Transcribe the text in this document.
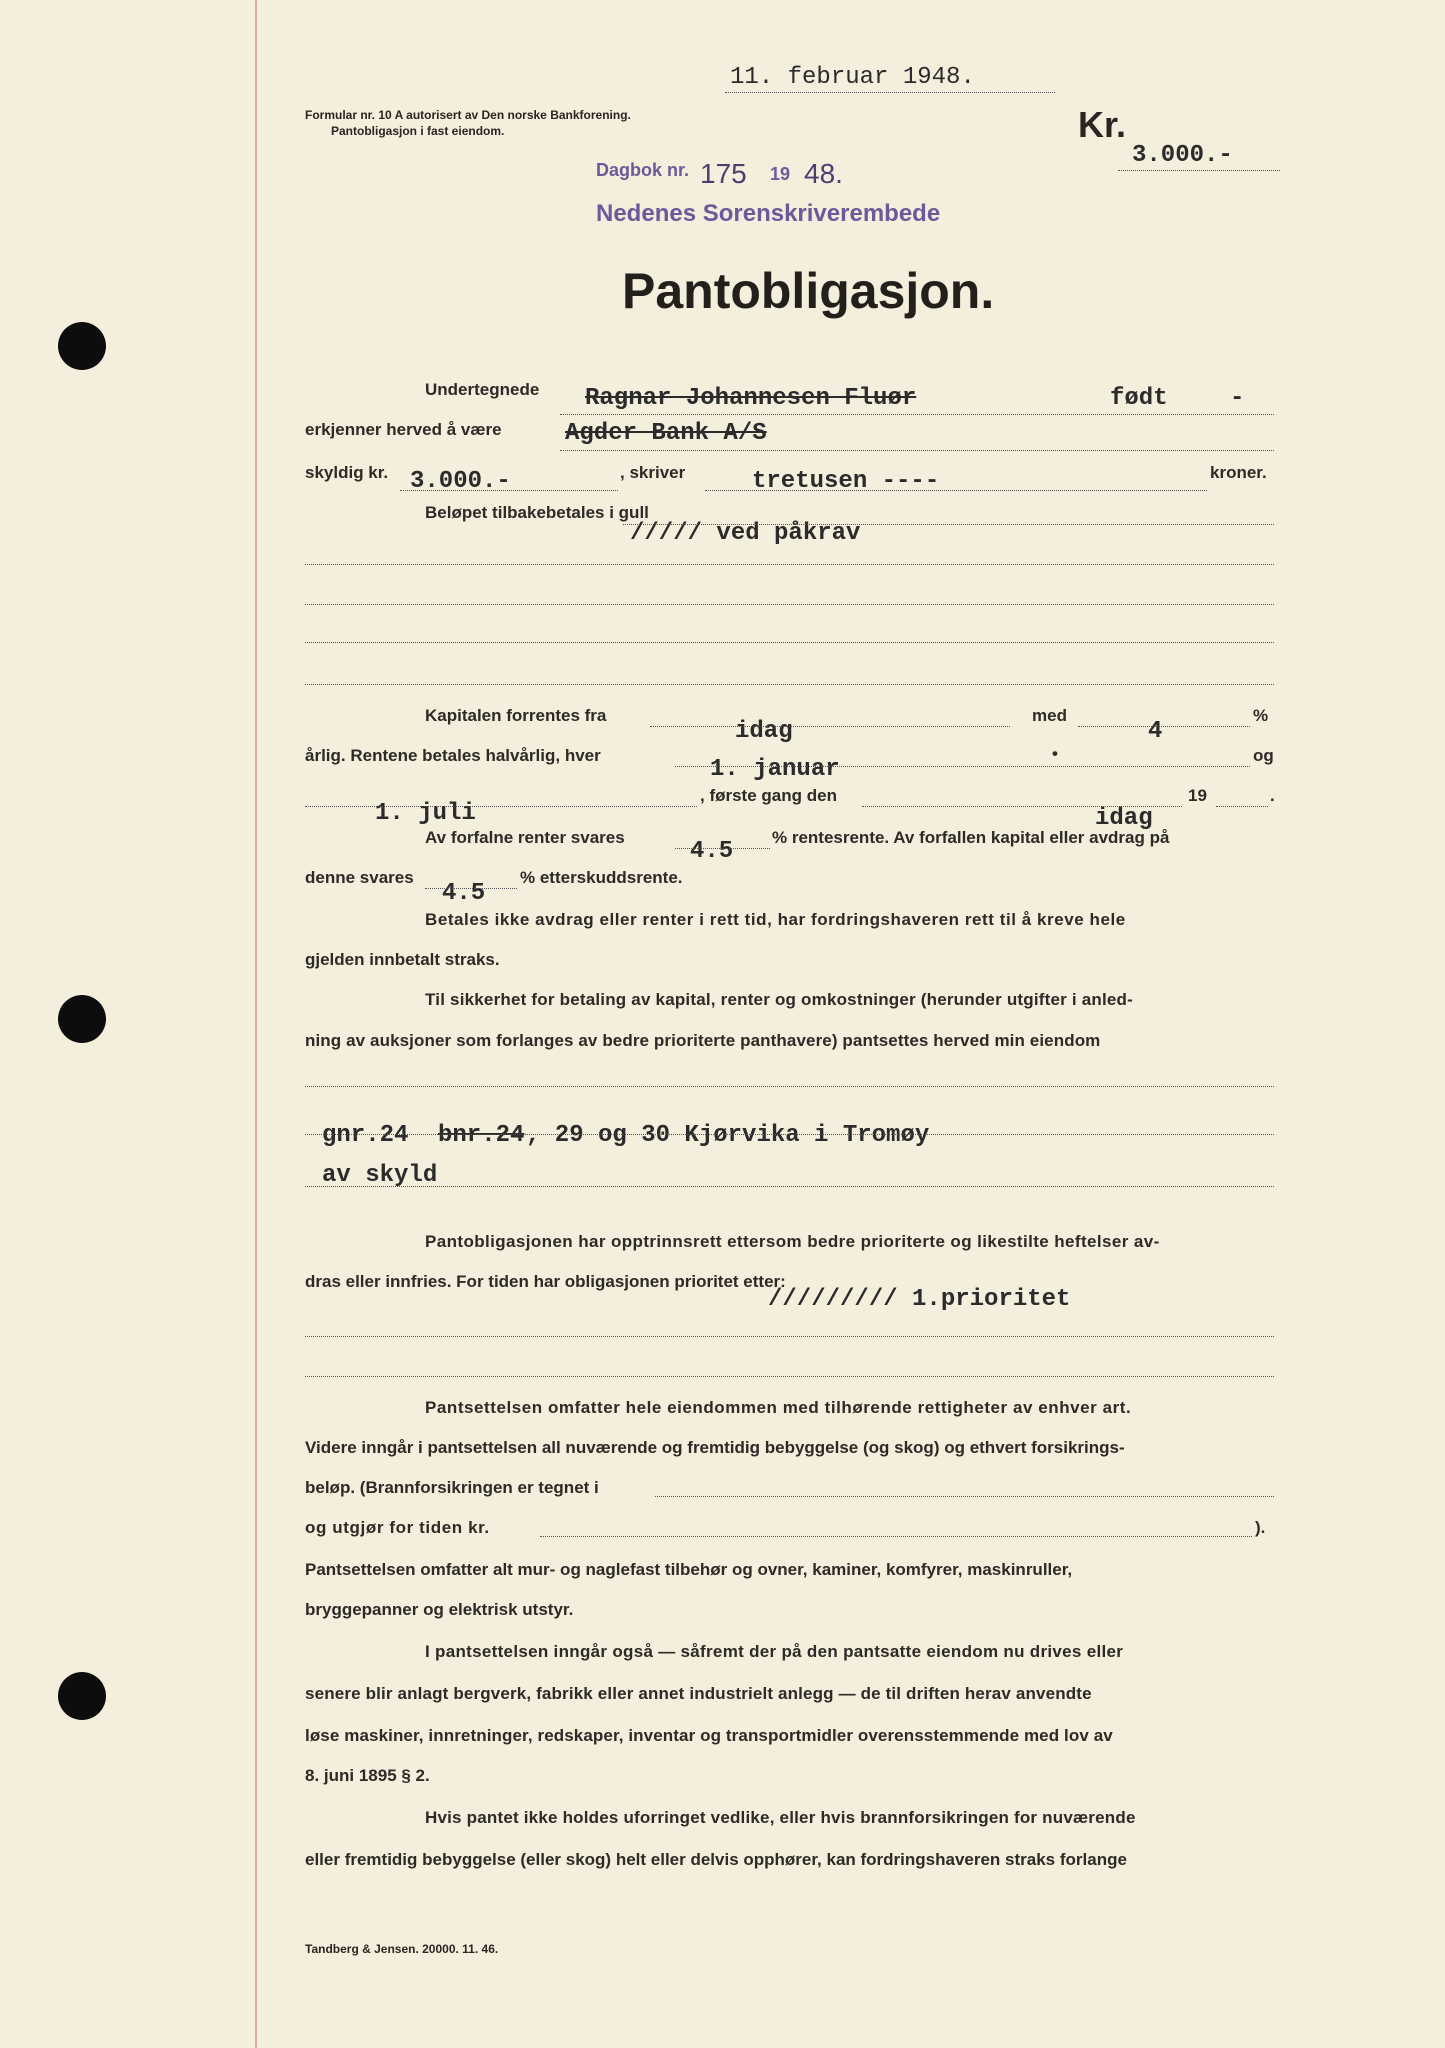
11. februar 1948.
Formular nr. 10 A autorisert av Den norske Bankforening.
Pantobligasjon i fast eiendom.	Kr.
3.000.-
Dagbok nr. 175 19 48.
Nedenes Sorenskriverembede
Pantobligasjon.
Undertegnede Ragnar Johannesen Fluør	født	-
erkjenner herved å være	Agder Bank A/S
skyldig kr. 3.000.-	, skriver	tretusen ----	kroner.
Beløpet tilbakebetales i gull
///// ved påkrav
Kapitalen forrentes fra
idag
med
4
%
årlig. Rentene betales halvårlig, hver
1. januar
•	og
1. juli
, første gang den
idag
19	.
Av forfalne renter svares
4.5
% rentesrente. Av forfallen kapital eller avdrag på
denne svares
4.5
% etterskuddsrente.
Betales ikke avdrag eller renter i rett tid, har fordringshaveren rett til å kreve hele
gjelden innbetalt straks.
Til sikkerhet for betaling av kapital, renter og omkostninger (herunder utgifter i anled-
ning av auksjoner som forlanges av bedre prioriterte panthavere) pantsettes herved min eiendom
gnr.24 bnr.24 , 29 og 30 Kjørvika i Tromøy
av skyld
Pantobligasjonen har opptrinnsrett ettersom bedre prioriterte og likestilte heftelser av-
dras eller innfries. For tiden har obligasjonen prioritet etter:
///////// 1.prioritet
Pantsettelsen omfatter hele eiendommen med tilhørende rettigheter av enhver art.
Videre inngår i pantsettelsen all nuværende og fremtidig bebyggelse (og skog) og ethvert forsikrings-
beløp. (Brannforsikringen er tegnet i
og utgjør for tiden kr.	).
Pantsettelsen omfatter alt mur- og naglefast tilbehør og ovner, kaminer, komfyrer, maskinruller,
bryggepanner og elektrisk utstyr.
I pantsettelsen inngår også — såfremt der på den pantsatte eiendom nu drives eller
senere blir anlagt bergverk, fabrikk eller annet industrielt anlegg — de til driften herav anvendte
løse maskiner, innretninger, redskaper, inventar og transportmidler overensstemmende med lov av
8. juni 1895 § 2.
Hvis pantet ikke holdes uforringet vedlike, eller hvis brannforsikringen for nuværende
eller fremtidig bebyggelse (eller skog) helt eller delvis opphører, kan fordringshaveren straks forlange
Tandberg & Jensen. 20000. 11. 46.
